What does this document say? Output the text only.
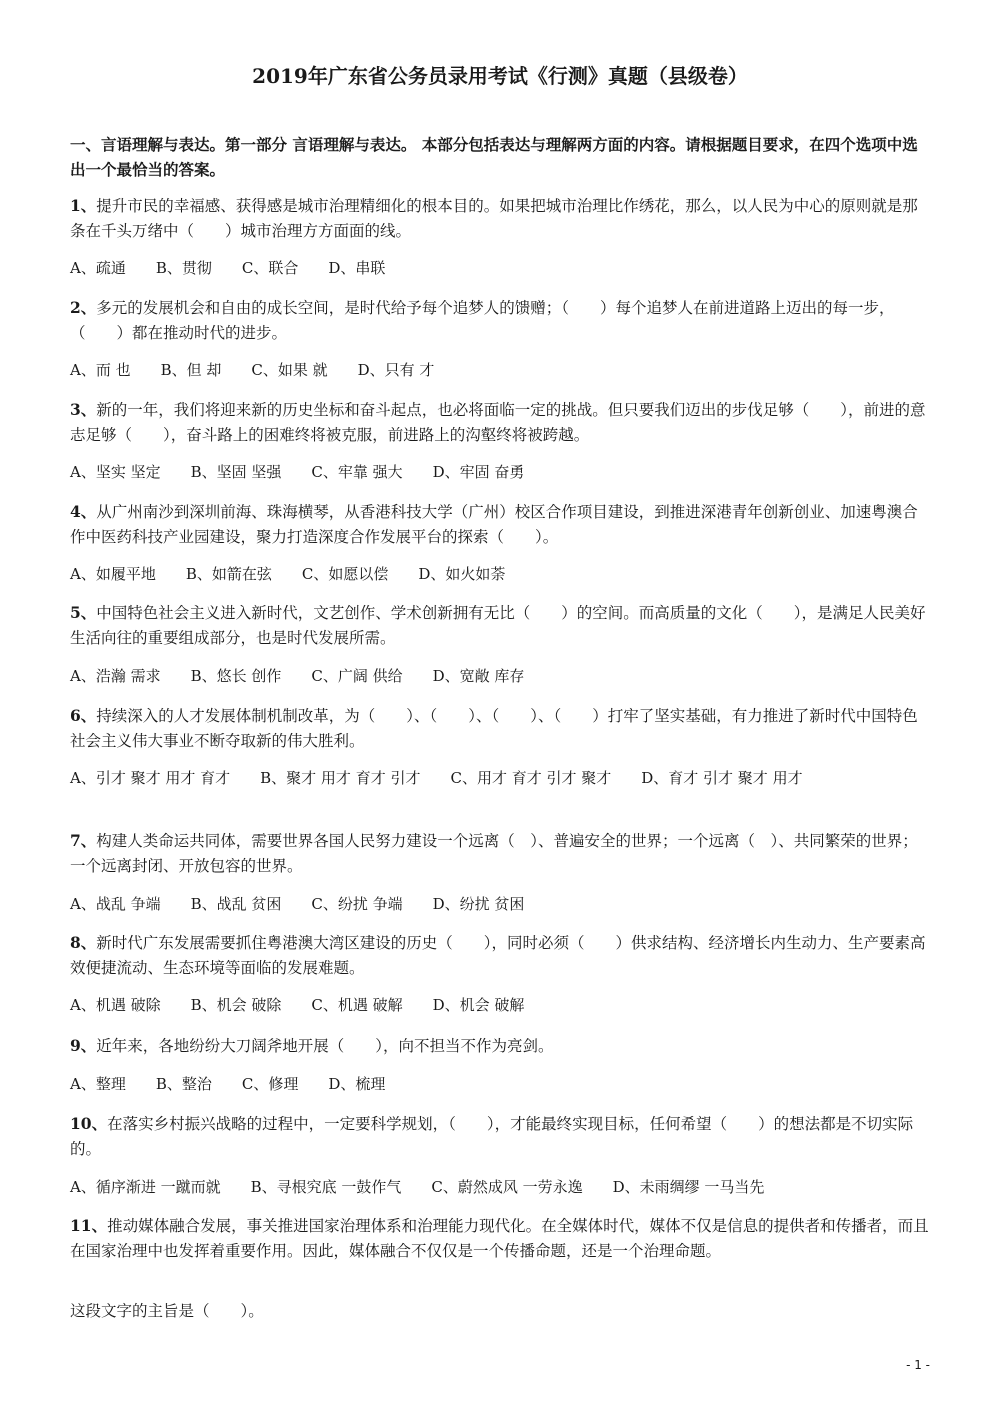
2019年广东省公务员录用考试《行测》真题（县级卷）
一、言语理解与表达。第一部分 言语理解与表达。 本部分包括表达与理解两方面的内容。请根据题目要求，在四个选项中选出一个最恰当的答案。
1、提升市民的幸福感、获得感是城市治理精细化的根本目的。如果把城市治理比作绣花，那么，以人民为中心的原则就是那条在千头万绪中（　　）城市治理方方面面的线。
A、疏通　　B、贯彻　　C、联合　　D、串联
2、多元的发展机会和自由的成长空间，是时代给予每个追梦人的馈赠；（　　）每个追梦人在前进道路上迈出的每一步，（　　）都在推动时代的进步。
A、而 也　　B、但 却　　C、如果 就　　D、只有 才
3、新的一年，我们将迎来新的历史坐标和奋斗起点，也必将面临一定的挑战。但只要我们迈出的步伐足够（　　），前进的意志足够（　　），奋斗路上的困难终将被克服，前进路上的沟壑终将被跨越。
A、坚实 坚定　　B、坚固 坚强　　C、牢靠 强大　　D、牢固 奋勇
4、从广州南沙到深圳前海、珠海横琴，从香港科技大学（广州）校区合作项目建设，到推进深港青年创新创业、加速粤澳合作中医药科技产业园建设，聚力打造深度合作发展平台的探索（　　）。
A、如履平地　　B、如箭在弦　　C、如愿以偿　　D、如火如荼
5、中国特色社会主义进入新时代，文艺创作、学术创新拥有无比（　　）的空间。而高质量的文化（　　），是满足人民美好生活向往的重要组成部分，也是时代发展所需。
A、浩瀚 需求　　B、悠长 创作　　C、广阔 供给　　D、宽敞 库存
6、持续深入的人才发展体制机制改革，为（　　）、（　　）、（　　）、（　　）打牢了坚实基础，有力推进了新时代中国特色社会主义伟大事业不断夺取新的伟大胜利。
A、引才 聚才 用才 育才　　B、聚才 用才 育才 引才　　C、用才 育才 引才 聚才　　D、育才 引才 聚才 用才
7、构建人类命运共同体，需要世界各国人民努力建设一个远离（　）、普遍安全的世界；一个远离（　）、共同繁荣的世界；一个远离封闭、开放包容的世界。
A、战乱 争端　　B、战乱 贫困　　C、纷扰 争端　　D、纷扰 贫困
8、新时代广东发展需要抓住粤港澳大湾区建设的历史（　　），同时必须（　　）供求结构、经济增长内生动力、生产要素高效便捷流动、生态环境等面临的发展难题。
A、机遇 破除　　B、机会 破除　　C、机遇 破解　　D、机会 破解
9、近年来，各地纷纷大刀阔斧地开展（　　），向不担当不作为亮剑。
A、整理　　B、整治　　C、修理　　D、梳理
10、在落实乡村振兴战略的过程中，一定要科学规划，（　　），才能最终实现目标，任何希望（　　）的想法都是不切实际的。
A、循序渐进 一蹴而就　　B、寻根究底 一鼓作气　　C、蔚然成风 一劳永逸　　D、未雨绸缪 一马当先
11、推动媒体融合发展，事关推进国家治理体系和治理能力现代化。在全媒体时代，媒体不仅是信息的提供者和传播者，而且在国家治理中也发挥着重要作用。因此，媒体融合不仅仅是一个传播命题，还是一个治理命题。
这段文字的主旨是（　　）。
- 1 -
